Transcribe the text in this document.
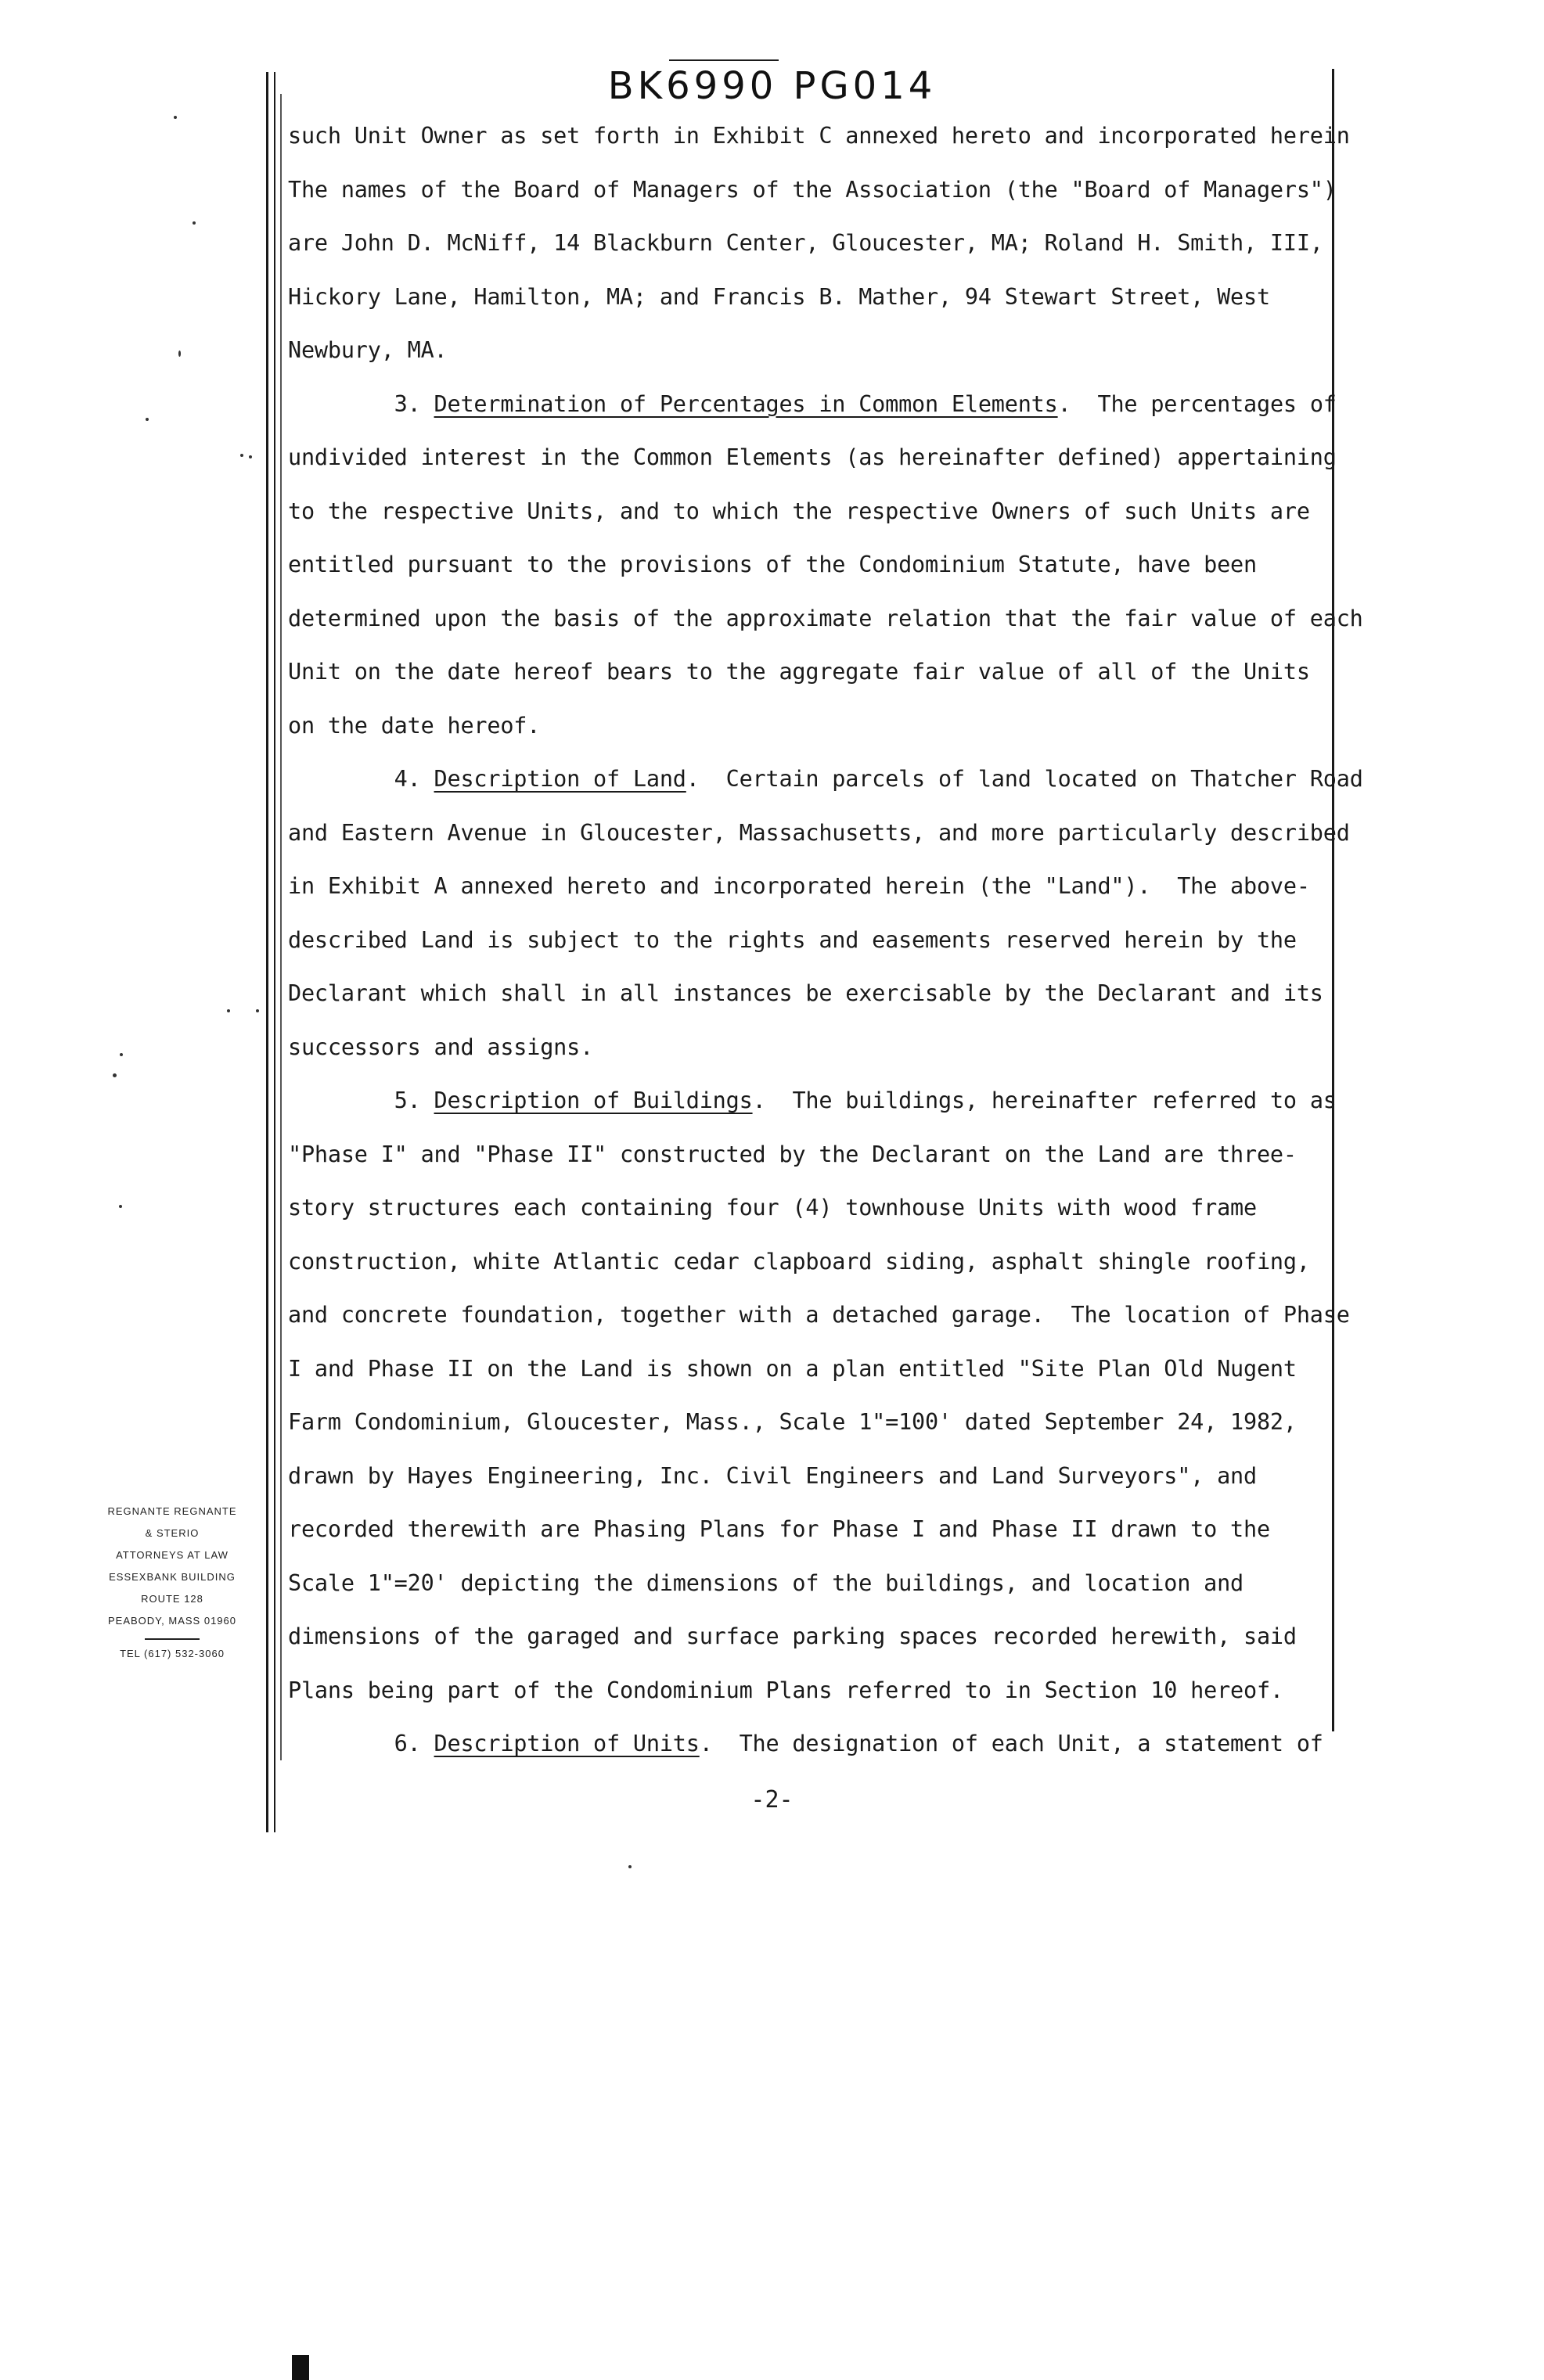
BK6990 PG014
such Unit Owner as set forth in Exhibit C annexed hereto and incorporated herein
The names of the Board of Managers of the Association (the "Board of Managers")
are John D. McNiff, 14 Blackburn Center, Gloucester, MA; Roland H. Smith, III,
Hickory Lane, Hamilton, MA; and Francis B. Mather, 94 Stewart Street, West
Newbury, MA.
3. Determination of Percentages in Common Elements.  The percentages of
undivided interest in the Common Elements (as hereinafter defined) appertaining
to the respective Units, and to which the respective Owners of such Units are
entitled pursuant to the provisions of the Condominium Statute, have been
determined upon the basis of the approximate relation that the fair value of each
Unit on the date hereof bears to the aggregate fair value of all of the Units
on the date hereof.
4. Description of Land.  Certain parcels of land located on Thatcher Road
and Eastern Avenue in Gloucester, Massachusetts, and more particularly described
in Exhibit A annexed hereto and incorporated herein (the "Land").  The above-
described Land is subject to the rights and easements reserved herein by the
Declarant which shall in all instances be exercisable by the Declarant and its
successors and assigns.
5. Description of Buildings.  The buildings, hereinafter referred to as
"Phase I" and "Phase II" constructed by the Declarant on the Land are three-
story structures each containing four (4) townhouse Units with wood frame
construction, white Atlantic cedar clapboard siding, asphalt shingle roofing,
and concrete foundation, together with a detached garage.  The location of Phase
I and Phase II on the Land is shown on a plan entitled "Site Plan Old Nugent
Farm Condominium, Gloucester, Mass., Scale 1"=100' dated September 24, 1982,
drawn by Hayes Engineering, Inc. Civil Engineers and Land Surveyors", and
recorded therewith are Phasing Plans for Phase I and Phase II drawn to the
Scale 1"=20' depicting the dimensions of the buildings, and location and
dimensions of the garaged and surface parking spaces recorded herewith, said
Plans being part of the Condominium Plans referred to in Section 10 hereof.
6. Description of Units.  The designation of each Unit, a statement of
-2-
REGNANTE REGNANTE
& STERIO
ATTORNEYS AT LAW
ESSEXBANK BUILDING
ROUTE 128
PEABODY, MASS 01960
TEL (617) 532-3060
